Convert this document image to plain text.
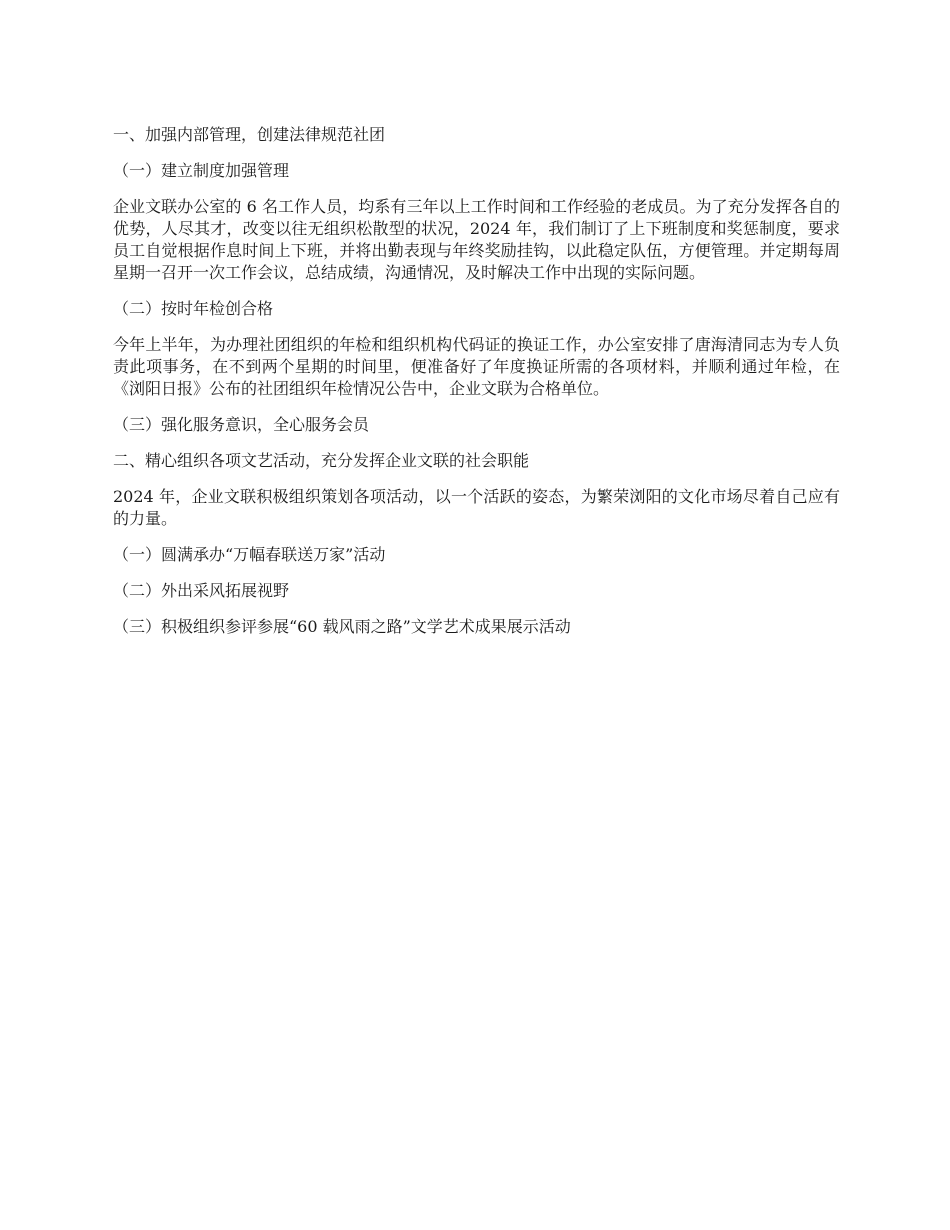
一、加强内部管理，创建法律规范社团

（一）建立制度加强管理

企业文联办公室的 6 名工作人员，均系有三年以上工作时间和工作经验的老成员。为了充分发挥各自的优势，人尽其才，改变以往无组织松散型的状况，2024 年，我们制订了上下班制度和奖惩制度，要求员工自觉根据作息时间上下班，并将出勤表现与年终奖励挂钩，以此稳定队伍，方便管理。并定期每周星期一召开一次工作会议，总结成绩，沟通情况，及时解决工作中出现的实际问题。

（二）按时年检创合格

今年上半年，为办理社团组织的年检和组织机构代码证的换证工作，办公室安排了唐海清同志为专人负责此项事务，在不到两个星期的时间里，便准备好了年度换证所需的各项材料，并顺利通过年检，在《浏阳日报》公布的社团组织年检情况公告中，企业文联为合格单位。

（三）强化服务意识，全心服务会员

二、精心组织各项文艺活动，充分发挥企业文联的社会职能

2024 年，企业文联积极组织策划各项活动，以一个活跃的姿态，为繁荣浏阳的文化市场尽着自己应有的力量。

（一）圆满承办“万幅春联送万家”活动

（二）外出采风拓展视野

（三）积极组织参评参展“60 载风雨之路”文学艺术成果展示活动
